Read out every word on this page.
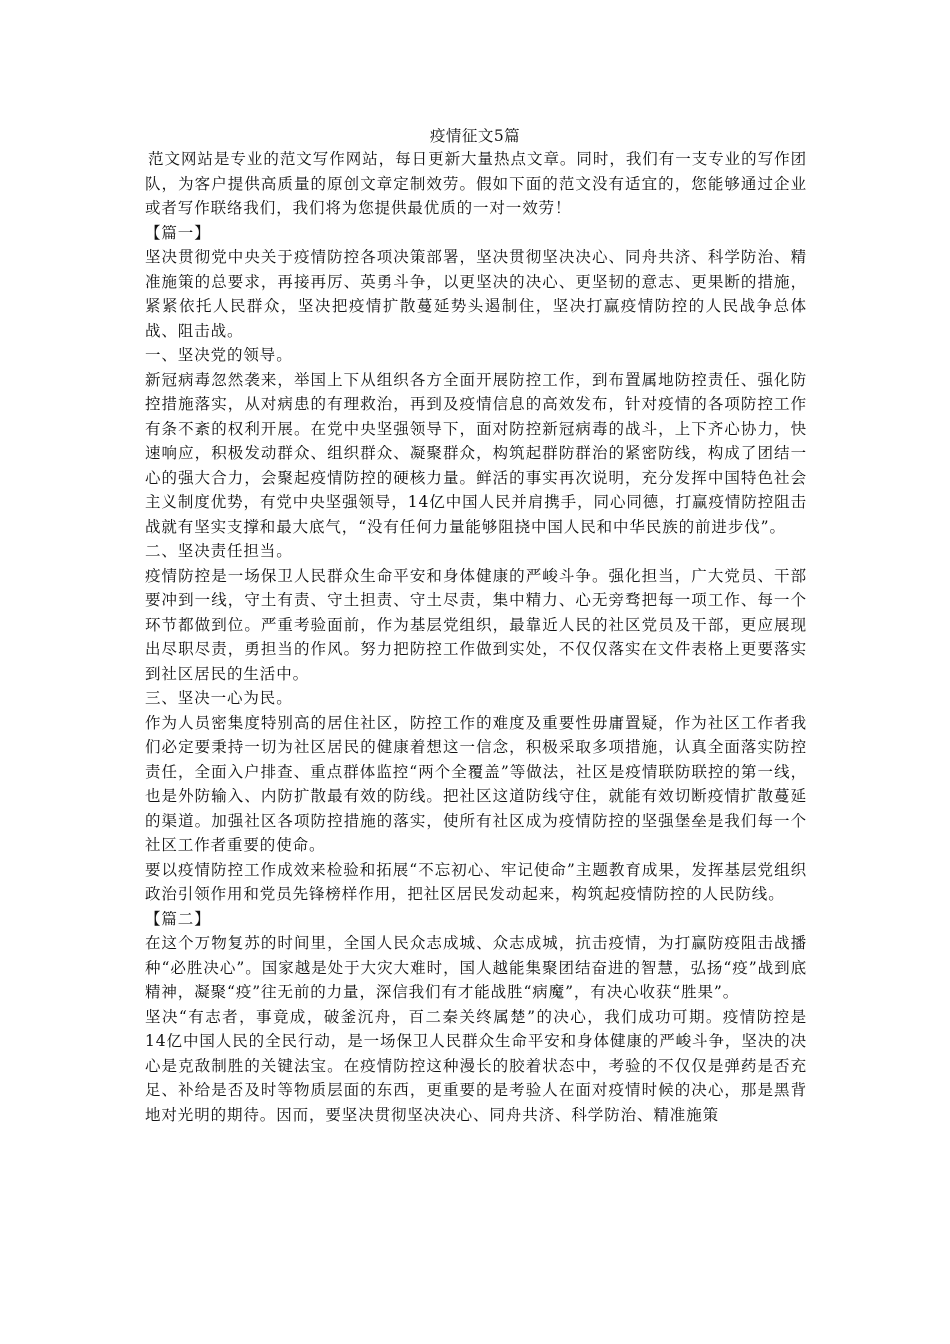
疫情征文5篇

范文网站是专业的范文写作网站，每日更新大量热点文章。同时，我们有一支专业的写作团队，为客户提供高质量的原创文章定制效劳。假如下面的范文没有适宜的，您能够通过企业或者写作联络我们，我们将为您提供最优质的一对一效劳！

【篇一】

坚决贯彻党中央关于疫情防控各项决策部署，坚决贯彻坚决决心、同舟共济、科学防治、精准施策的总要求，再接再厉、英勇斗争，以更坚决的决心、更坚韧的意志、更果断的措施，紧紧依托人民群众，坚决把疫情扩散蔓延势头遏制住，坚决打赢疫情防控的人民战争总体战、阻击战。

一、坚决党的领导。

新冠病毒忽然袭来，举国上下从组织各方全面开展防控工作，到布置属地防控责任、强化防控措施落实，从对病患的有理救治，再到及疫情信息的高效发布，针对疫情的各项防控工作有条不紊的权利开展。在党中央坚强领导下，面对防控新冠病毒的战斗，上下齐心协力，快速响应，积极发动群众、组织群众、凝聚群众，构筑起群防群治的紧密防线，构成了团结一心的强大合力，会聚起疫情防控的硬核力量。鲜活的事实再次说明，充分发挥中国特色社会主义制度优势，有党中央坚强领导，14亿中国人民并肩携手，同心同德，打赢疫情防控阻击战就有坚实支撑和最大底气，“没有任何力量能够阻挠中国人民和中华民族的前进步伐”。

二、坚决责任担当。

疫情防控是一场保卫人民群众生命平安和身体健康的严峻斗争。强化担当，广大党员、干部要冲到一线，守土有责、守土担责、守土尽责，集中精力、心无旁骛把每一项工作、每一个环节都做到位。严重考验面前，作为基层党组织，最靠近人民的社区党员及干部，更应展现出尽职尽责，勇担当的作风。努力把防控工作做到实处，不仅仅落实在文件表格上更要落实到社区居民的生活中。

三、坚决一心为民。

作为人员密集度特别高的居住社区，防控工作的难度及重要性毋庸置疑，作为社区工作者我们必定要秉持一切为社区居民的健康着想这一信念，积极采取多项措施，认真全面落实防控责任，全面入户排查、重点群体监控“两个全覆盖”等做法，社区是疫情联防联控的第一线，也是外防输入、内防扩散最有效的防线。把社区这道防线守住，就能有效切断疫情扩散蔓延的渠道。加强社区各项防控措施的落实，使所有社区成为疫情防控的坚强堡垒是我们每一个社区工作者重要的使命。

要以疫情防控工作成效来检验和拓展“不忘初心、牢记使命”主题教育成果，发挥基层党组织政治引领作用和党员先锋榜样作用，把社区居民发动起来，构筑起疫情防控的人民防线。

【篇二】

在这个万物复苏的时间里，全国人民众志成城、众志成城，抗击疫情，为打赢防疫阻击战播种“必胜决心”。国家越是处于大灾大难时，国人越能集聚团结奋进的智慧，弘扬“疫”战到底精神，凝聚“疫”往无前的力量，深信我们有才能战胜“病魔”，有决心收获“胜果”。

坚决“有志者，事竟成，破釜沉舟，百二秦关终属楚”的决心，我们成功可期。疫情防控是14亿中国人民的全民行动，是一场保卫人民群众生命平安和身体健康的严峻斗争，坚决的决心是克敌制胜的关键法宝。在疫情防控这种漫长的胶着状态中，考验的不仅仅是弹药是否充足、补给是否及时等物质层面的东西，更重要的是考验人在面对疫情时候的决心，那是黑背地对光明的期待。因而，要坚决贯彻坚决决心、同舟共济、科学防治、精准施策
